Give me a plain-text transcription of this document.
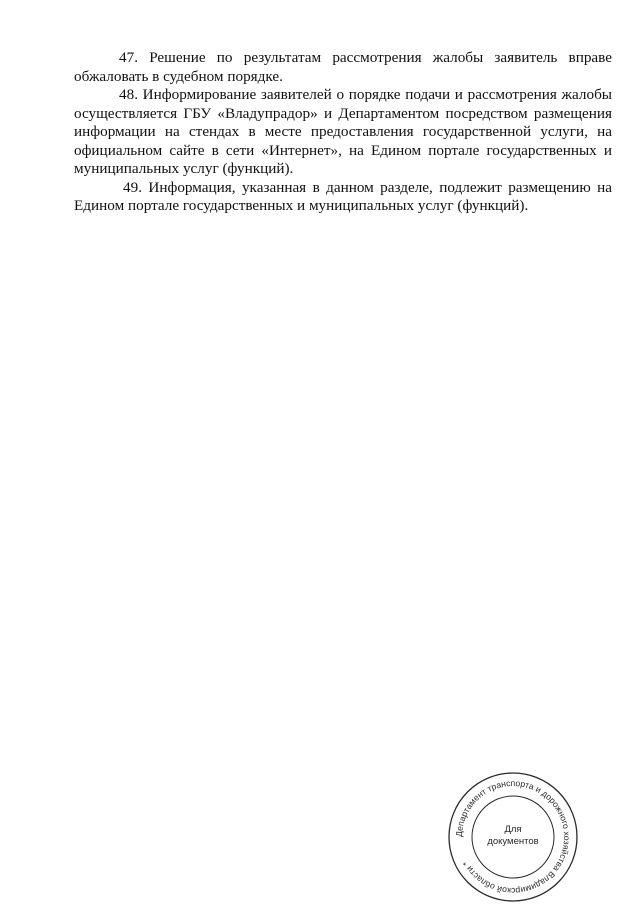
47. Решение по результатам рассмотрения жалобы заявитель вправе обжаловать в судебном порядке.

48. Информирование заявителей о порядке подачи и рассмотрения жалобы осуществляется ГБУ «Владупрадор» и Департаментом посредством размещения информации на стендах в месте предоставления государственной услуги, на официальном сайте в сети «Интернет», на Едином портале государственных и муниципальных услуг (функций).

49. Информация, указанная в данном разделе, подлежит размещению на Едином портале государственных и муниципальных услуг (функций).

Департамент транспорта и дорожного хозяйства Владимирской области *
Для
документов
